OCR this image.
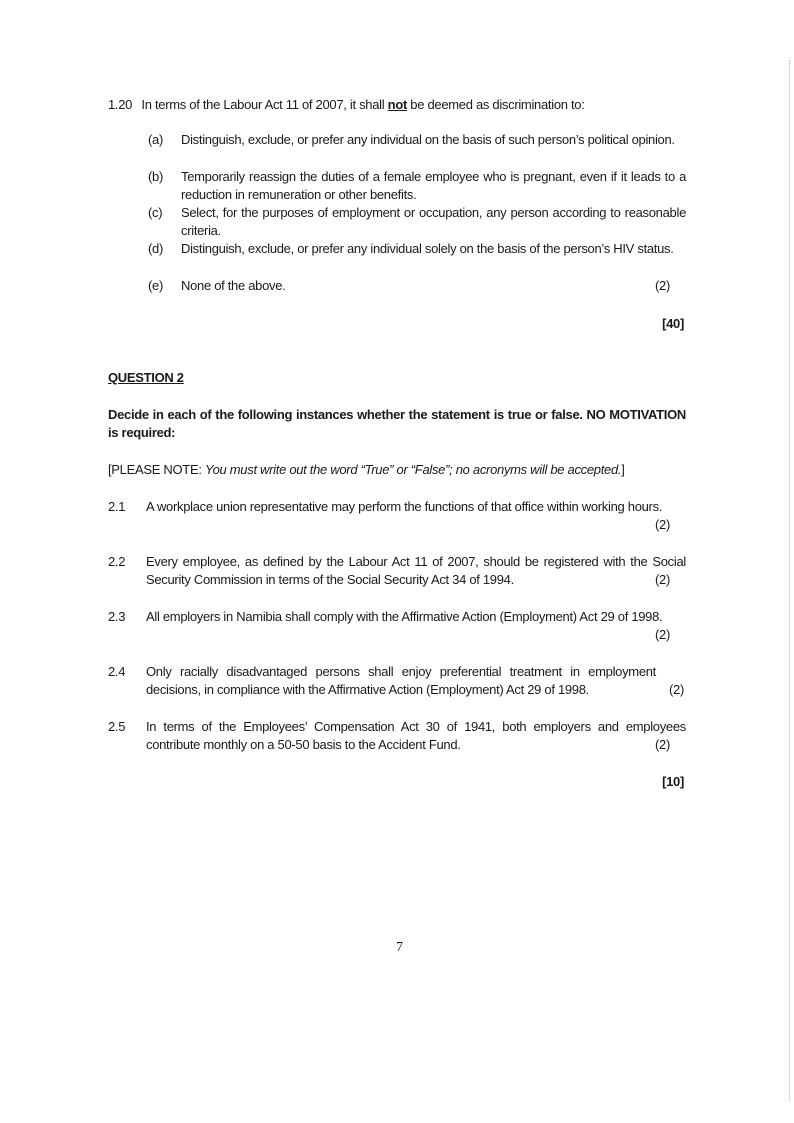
1.20 In terms of the Labour Act 11 of 2007, it shall not be deemed as discrimination to:
(a) Distinguish, exclude, or prefer any individual on the basis of such person’s political opinion.
(b) Temporarily reassign the duties of a female employee who is pregnant, even if it leads to a reduction in remuneration or other benefits.
(c) Select, for the purposes of employment or occupation, any person according to reasonable criteria.
(d) Distinguish, exclude, or prefer any individual solely on the basis of the person’s HIV status.
(e) None of the above.	(2)
[40]
QUESTION 2
Decide in each of the following instances whether the statement is true or false. NO MOTIVATION is required:
[PLEASE NOTE: You must write out the word “True” or “False”; no acronyms will be accepted.]
2.1 A workplace union representative may perform the functions of that office within working hours.
(2)
2.2 Every employee, as defined by the Labour Act 11 of 2007, should be registered with the Social Security Commission in terms of the Social Security Act 34 of 1994.	(2)
2.3 All employers in Namibia shall comply with the Affirmative Action (Employment) Act 29 of 1998.
(2)
2.4 Only racially disadvantaged persons shall enjoy preferential treatment in employment decisions, in compliance with the Affirmative Action (Employment) Act 29 of 1998.	(2)
2.5 In terms of the Employees’ Compensation Act 30 of 1941, both employers and employees contribute monthly on a 50-50 basis to the Accident Fund.	(2)
[10]
7
